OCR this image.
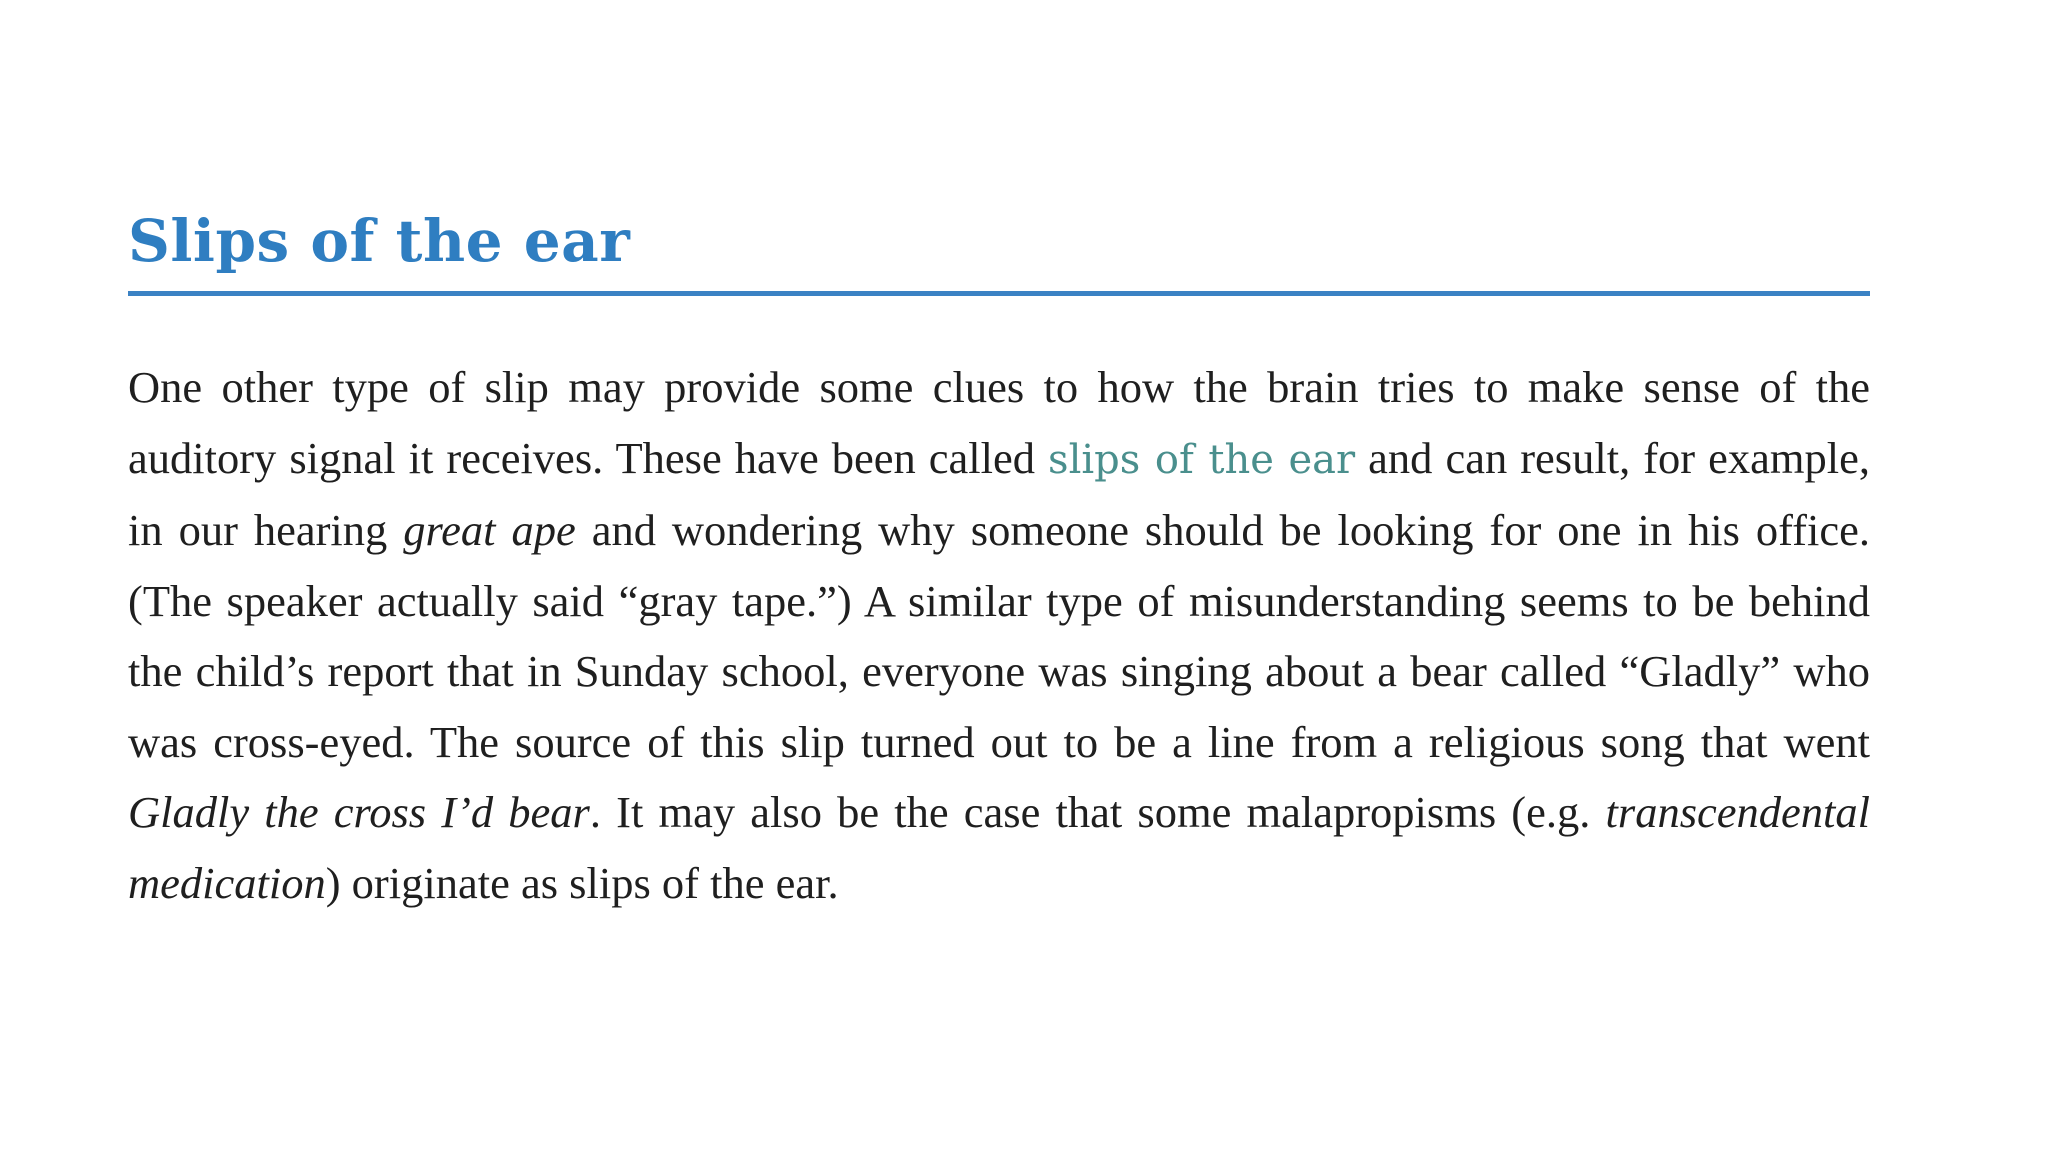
Slips of the ear

One other type of slip may provide some clues to how the brain tries to make sense of the auditory signal it receives. These have been called slips of the ear and can result, for example, in our hearing great ape and wondering why someone should be looking for one in his office. (The speaker actually said “gray tape.”) A similar type of misunderstanding seems to be behind the child’s report that in Sunday school, everyone was singing about a bear called “Gladly” who was cross-eyed. The source of this slip turned out to be a line from a religious song that went Gladly the cross I’d bear. It may also be the case that some malapropisms (e.g. transcendental medication) originate as slips of the ear.
